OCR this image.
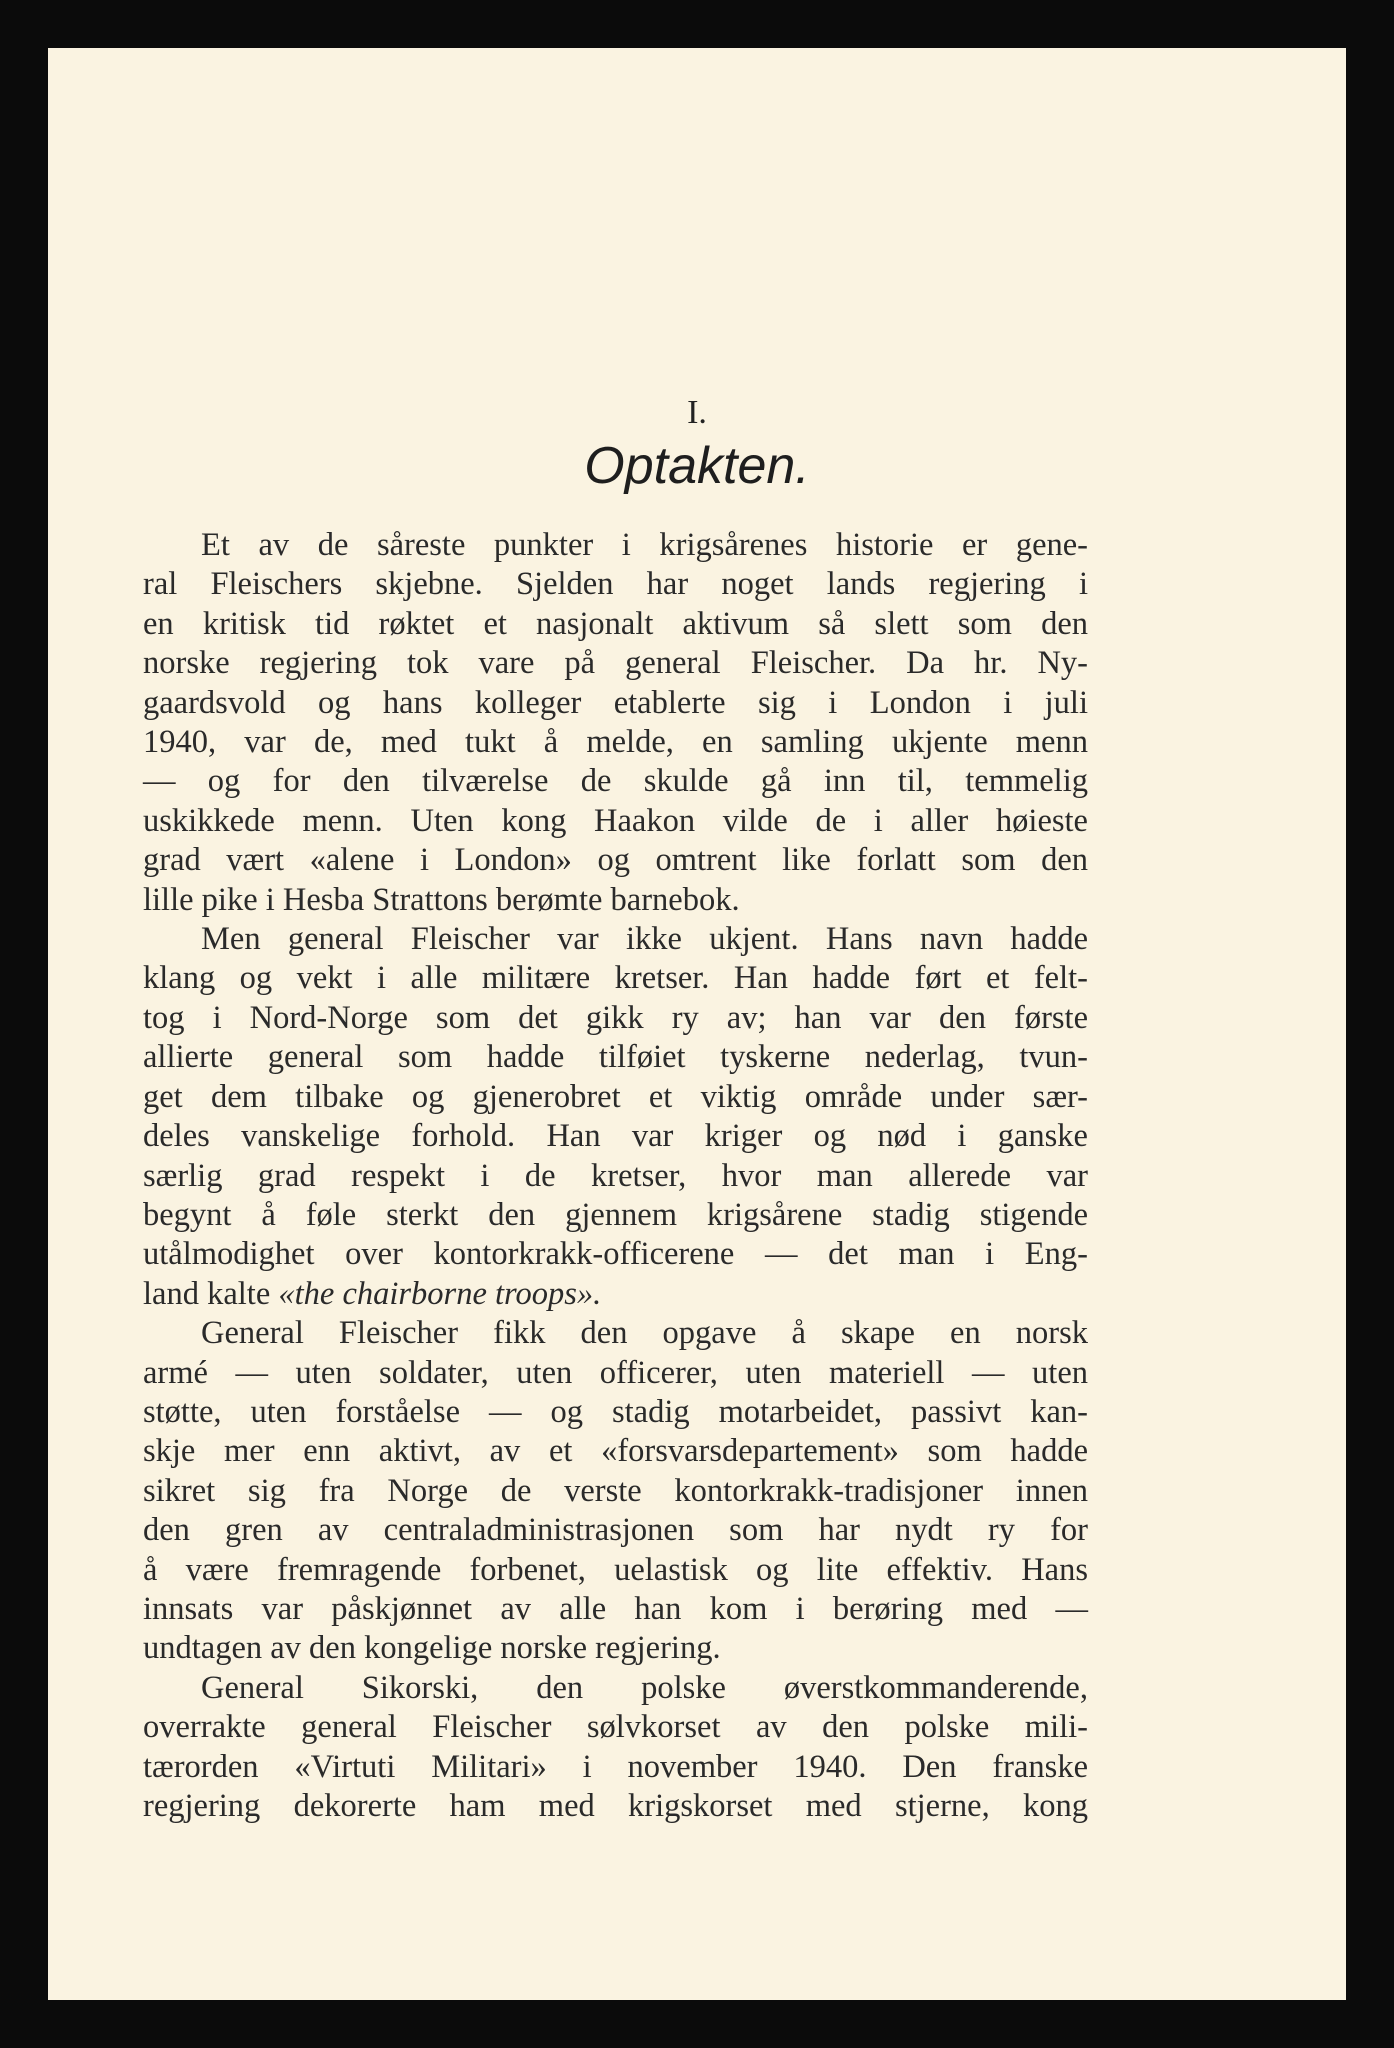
I.
Optakten.
Et av de såreste punkter i krigsårenes historie er gene-
ral Fleischers skjebne. Sjelden har noget lands regjering i
en kritisk tid røktet et nasjonalt aktivum så slett som den
norske regjering tok vare på general Fleischer. Da hr. Ny-
gaardsvold og hans kolleger etablerte sig i London i juli
1940, var de, med tukt å melde, en samling ukjente menn
— og for den tilværelse de skulde gå inn til, temmelig
uskikkede menn. Uten kong Haakon vilde de i aller høieste
grad vært «alene i London» og omtrent like forlatt som den
lille pike i Hesba Strattons berømte barnebok.
Men general Fleischer var ikke ukjent. Hans navn hadde
klang og vekt i alle militære kretser. Han hadde ført et felt-
tog i Nord-Norge som det gikk ry av; han var den første
allierte general som hadde tilføiet tyskerne nederlag, tvun-
get dem tilbake og gjenerobret et viktig område under sær-
deles vanskelige forhold. Han var kriger og nød i ganske
særlig grad respekt i de kretser, hvor man allerede var
begynt å føle sterkt den gjennem krigsårene stadig stigende
utålmodighet over kontorkrakk-officerene — det man i Eng-
land kalte «the chairborne troops».
General Fleischer fikk den opgave å skape en norsk
armé — uten soldater, uten officerer, uten materiell — uten
støtte, uten forståelse — og stadig motarbeidet, passivt kan-
skje mer enn aktivt, av et «forsvarsdepartement» som hadde
sikret sig fra Norge de verste kontorkrakk-tradisjoner innen
den gren av centraladministrasjonen som har nydt ry for
å være fremragende forbenet, uelastisk og lite effektiv. Hans
innsats var påskjønnet av alle han kom i berøring med —
undtagen av den kongelige norske regjering.
General Sikorski, den polske øverstkommanderende,
overrakte general Fleischer sølvkorset av den polske mili-
tærorden «Virtuti Militari» i november 1940. Den franske
regjering dekorerte ham med krigskorset med stjerne, kong
